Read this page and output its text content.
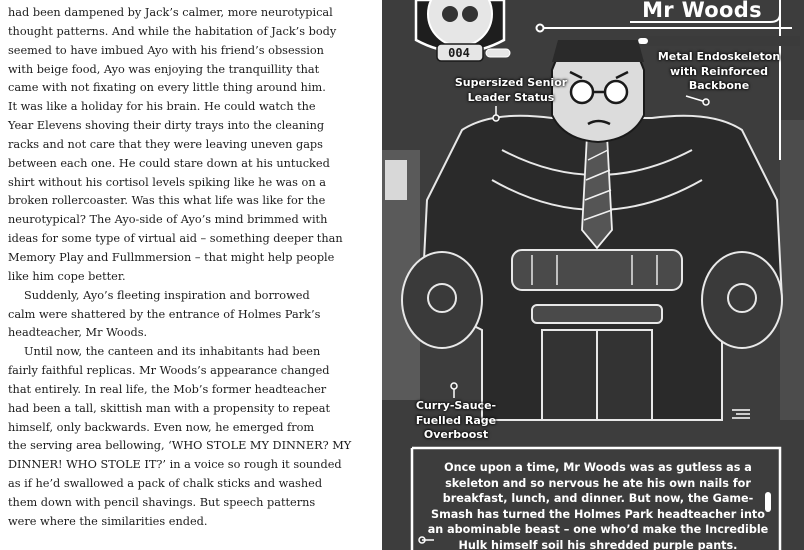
had been dampened by Jack’s calmer, more neurotypical

thought patterns. And while the habitation of Jack’s body

seemed to have imbued Ayo with his friend’s obsession

with beige food, Ayo was enjoying the tranquillity that

came with not fixating on every little thing around him.

It was like a holiday for his brain. He could watch the

Year Elevens shoving their dirty trays into the cleaning

racks and not care that they were leaving uneven gaps

between each one. He could stare down at his untucked

shirt without his cortisol levels spiking like he was on a

broken rollercoaster. Was this what life was like for the

neurotypical? The Ayo-side of Ayo’s mind brimmed with

ideas for some type of virtual aid – something deeper than

Memory Play and Fullmmersion – that might help people

like him cope better.

Suddenly, Ayo’s fleeting inspiration and borrowed

calm were shattered by the entrance of Holmes Park’s

headteacher, Mr Woods.

Until now, the canteen and its inhabitants had been

fairly faithful replicas. Mr Woods’s appearance changed

that entirely. In real life, the Mob’s former headteacher

had been a tall, skittish man with a propensity to repeat

himself, only backwards. Even now, he emerged from

the serving area bellowing, ‘WHO STOLE MY DINNER? MY

DINNER! WHO STOLE IT?’ in a voice so rough it sounded

as if he’d swallowed a pack of chalk sticks and washed

them down with pencil shavings. But speech patterns

were where the similarities ended.

Mr Woods
004
Supersized Senior
Leader Status
Metal Endoskeleton
with Reinforced
Backbone
Curry-Sauce-
Fuelled Rage
Overboost
Once upon a time, Mr Woods was as gutless as a
skeleton and so nervous he ate his own nails for
breakfast, lunch, and dinner. But now, the Game-
Smash has turned the Holmes Park headteacher into
an abominable beast – one who’d make the Incredible
Hulk himself soil his shredded purple pants.
